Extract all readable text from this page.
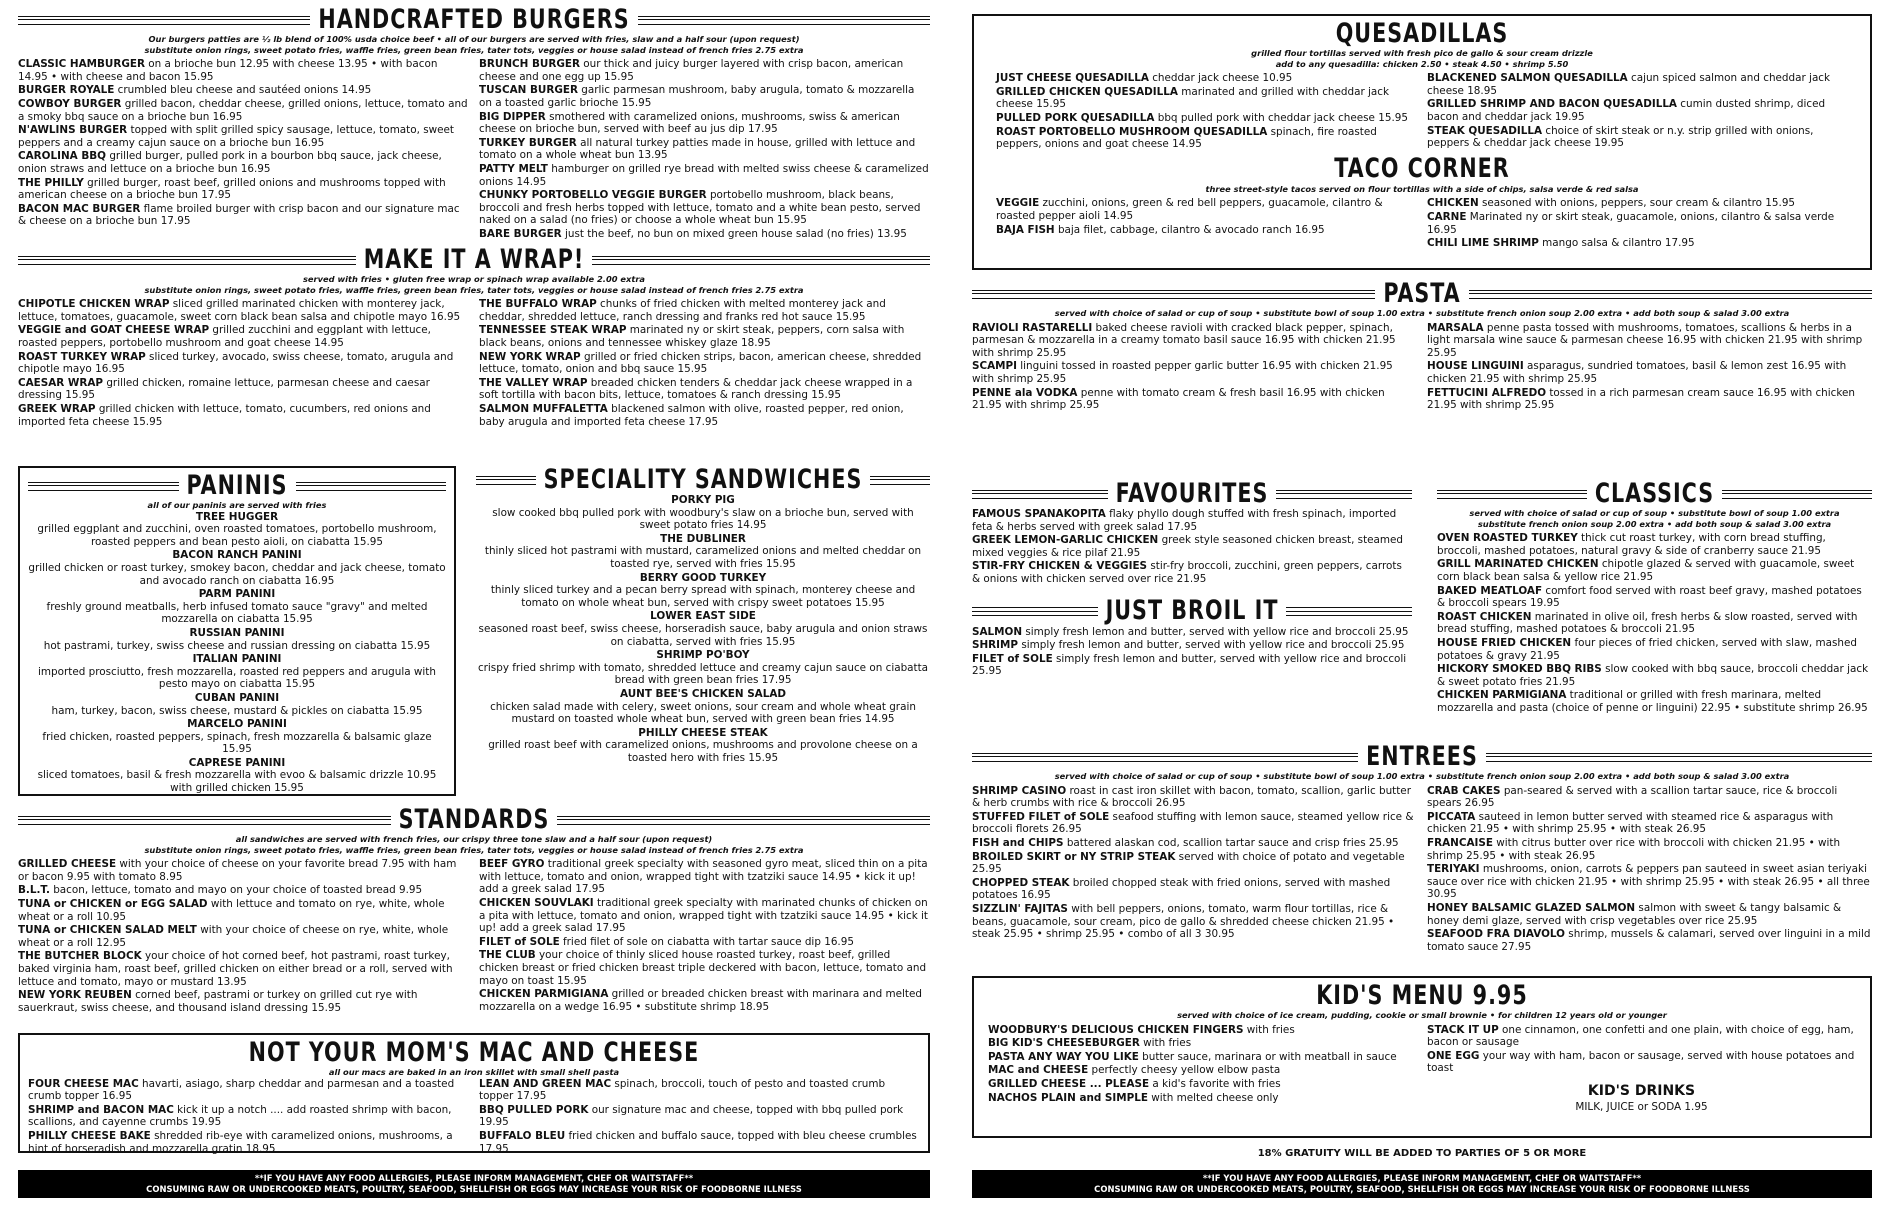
HANDCRAFTED BURGERS
Our burgers patties are ½ lb blend of 100% usda choice beef • all of our burgers are served with fries, slaw and a half sour (upon request)
substitute onion rings, sweet potato fries, waffle fries, green bean fries, tater tots, veggies or house salad instead of french fries 2.75 extra
CLASSIC HAMBURGER on a brioche bun 12.95 with cheese 13.95 • with bacon 14.95 • with cheese and bacon 15.95
BURGER ROYALE crumbled bleu cheese and sautéed onions 14.95
COWBOY BURGER grilled bacon, cheddar cheese, grilled onions, lettuce, tomato and a smoky bbq sauce on a brioche bun 16.95
N'AWLINS BURGER topped with split grilled spicy sausage, lettuce, tomato, sweet peppers and a creamy cajun sauce on a brioche bun 16.95
CAROLINA BBQ grilled burger, pulled pork in a bourbon bbq sauce, jack cheese, onion straws and lettuce on a brioche bun 16.95
THE PHILLY grilled burger, roast beef, grilled onions and mushrooms topped with american cheese on a brioche bun 17.95
BACON MAC BURGER flame broiled burger with crisp bacon and our signature mac & cheese on a brioche bun 17.95
BRUNCH BURGER our thick and juicy burger layered with crisp bacon, american cheese and one egg up 15.95
TUSCAN BURGER garlic parmesan mushroom, baby arugula, tomato & mozzarella on a toasted garlic brioche 15.95
BIG DIPPER smothered with caramelized onions, mushrooms, swiss & american cheese on brioche bun, served with beef au jus dip 17.95
TURKEY BURGER all natural turkey patties made in house, grilled with lettuce and tomato on a whole wheat bun 13.95
PATTY MELT hamburger on grilled rye bread with melted swiss cheese & caramelized onions 14.95
CHUNKY PORTOBELLO VEGGIE BURGER portobello mushroom, black beans, broccoli and fresh herbs topped with lettuce, tomato and a white bean pesto, served naked on a salad (no fries) or choose a whole wheat bun 15.95
BARE BURGER just the beef, no bun on mixed green house salad (no fries) 13.95
MAKE IT A WRAP!
served with fries • gluten free wrap or spinach wrap available 2.00 extra
substitute onion rings, sweet potato fries, waffle fries, green bean fries, tater tots, veggies or house salad instead of french fries 2.75 extra
CHIPOTLE CHICKEN WRAP sliced grilled marinated chicken with monterey jack, lettuce, tomatoes, guacamole, sweet corn black bean salsa and chipotle mayo 16.95
VEGGIE and GOAT CHEESE WRAP grilled zucchini and eggplant with lettuce, roasted peppers, portobello mushroom and goat cheese 14.95
ROAST TURKEY WRAP sliced turkey, avocado, swiss cheese, tomato, arugula and chipotle mayo 16.95
CAESAR WRAP grilled chicken, romaine lettuce, parmesan cheese and caesar dressing 15.95
GREEK WRAP grilled chicken with lettuce, tomato, cucumbers, red onions and imported feta cheese 15.95
THE BUFFALO WRAP chunks of fried chicken with melted monterey jack and cheddar, shredded lettuce, ranch dressing and franks red hot sauce 15.95
TENNESSEE STEAK WRAP marinated ny or skirt steak, peppers, corn salsa with black beans, onions and tennessee whiskey glaze 18.95
NEW YORK WRAP grilled or fried chicken strips, bacon, american cheese, shredded lettuce, tomato, onion and bbq sauce 15.95
THE VALLEY WRAP breaded chicken tenders & cheddar jack cheese wrapped in a soft tortilla with bacon bits, lettuce, tomatoes & ranch dressing 15.95
SALMON MUFFALETTA blackened salmon with olive, roasted pepper, red onion, baby arugula and imported feta cheese 17.95
PANINIS
all of our paninis are served with fries
TREE HUGGER
grilled eggplant and zucchini, oven roasted tomatoes, portobello mushroom, roasted peppers and bean pesto aioli, on ciabatta 15.95
BACON RANCH PANINI
grilled chicken or roast turkey, smokey bacon, cheddar and jack cheese, tomato and avocado ranch on ciabatta 16.95
PARM PANINI
freshly ground meatballs, herb infused tomato sauce "gravy" and melted mozzarella on ciabatta 15.95
RUSSIAN PANINI
hot pastrami, turkey, swiss cheese and russian dressing on ciabatta 15.95
ITALIAN PANINI
imported prosciutto, fresh mozzarella, roasted red peppers and arugula with pesto mayo on ciabatta 15.95
CUBAN PANINI
ham, turkey, bacon, swiss cheese, mustard & pickles on ciabatta 15.95
MARCELO PANINI
fried chicken, roasted peppers, spinach, fresh mozzarella & balsamic glaze 15.95
CAPRESE PANINI
sliced tomatoes, basil & fresh mozzarella with evoo & balsamic drizzle 10.95 with grilled chicken 15.95
SPECIALITY SANDWICHES
PORKY PIG
slow cooked bbq pulled pork with woodbury's slaw on a brioche bun, served with sweet potato fries 14.95
THE DUBLINER
thinly sliced hot pastrami with mustard, caramelized onions and melted cheddar on toasted rye, served with fries 15.95
BERRY GOOD TURKEY
thinly sliced turkey and a pecan berry spread with spinach, monterey cheese and tomato on whole wheat bun, served with crispy sweet potatoes 15.95
LOWER EAST SIDE
seasoned roast beef, swiss cheese, horseradish sauce, baby arugula and onion straws on ciabatta, served with fries 15.95
SHRIMP PO'BOY
crispy fried shrimp with tomato, shredded lettuce and creamy cajun sauce on ciabatta bread with green bean fries 17.95
AUNT BEE'S CHICKEN SALAD
chicken salad made with celery, sweet onions, sour cream and whole wheat grain mustard on toasted whole wheat bun, served with green bean fries 14.95
PHILLY CHEESE STEAK
grilled roast beef with caramelized onions, mushrooms and provolone cheese on a toasted hero with fries 15.95
STANDARDS
all sandwiches are served with french fries, our crispy three tone slaw and a half sour (upon request)
substitute onion rings, sweet potato fries, waffle fries, green bean fries, tater tots, veggies or house salad instead of french fries 2.75 extra
GRILLED CHEESE with your choice of cheese on your favorite bread 7.95 with ham or bacon 9.95 with tomato 8.95
B.L.T. bacon, lettuce, tomato and mayo on your choice of toasted bread 9.95
TUNA or CHICKEN or EGG SALAD with lettuce and tomato on rye, white, whole wheat or a roll 10.95
TUNA or CHICKEN SALAD MELT with your choice of cheese on rye, white, whole wheat or a roll 12.95
THE BUTCHER BLOCK your choice of hot corned beef, hot pastrami, roast turkey, baked virginia ham, roast beef, grilled chicken on either bread or a roll, served with lettuce and tomato, mayo or mustard 13.95
NEW YORK REUBEN corned beef, pastrami or turkey on grilled cut rye with sauerkraut, swiss cheese, and thousand island dressing 15.95
BEEF GYRO traditional greek specialty with seasoned gyro meat, sliced thin on a pita with lettuce, tomato and onion, wrapped tight with tzatziki sauce 14.95 • kick it up! add a greek salad 17.95
CHICKEN SOUVLAKI traditional greek specialty with marinated chunks of chicken on a pita with lettuce, tomato and onion, wrapped tight with tzatziki sauce 14.95 • kick it up! add a greek salad 17.95
FILET of SOLE fried filet of sole on ciabatta with tartar sauce dip 16.95
THE CLUB your choice of thinly sliced house roasted turkey, roast beef, grilled chicken breast or fried chicken breast triple deckered with bacon, lettuce, tomato and mayo on toast 15.95
CHICKEN PARMIGIANA grilled or breaded chicken breast with marinara and melted mozzarella on a wedge 16.95 • substitute shrimp 18.95
NOT YOUR MOM'S MAC AND CHEESE
all our macs are baked in an iron skillet with small shell pasta
FOUR CHEESE MAC havarti, asiago, sharp cheddar and parmesan and a toasted crumb topper 16.95
SHRIMP and BACON MAC kick it up a notch .... add roasted shrimp with bacon, scallions, and cayenne crumbs 19.95
PHILLY CHEESE BAKE shredded rib-eye with caramelized onions, mushrooms, a hint of horseradish and mozzarella gratin 18.95
LEAN AND GREEN MAC spinach, broccoli, touch of pesto and toasted crumb topper 17.95
BBQ PULLED PORK our signature mac and cheese, topped with bbq pulled pork 19.95
BUFFALO BLEU fried chicken and buffalo sauce, topped with bleu cheese crumbles 17.95
**IF YOU HAVE ANY FOOD ALLERGIES, PLEASE INFORM MANAGEMENT, CHEF OR WAITSTAFF**
CONSUMING RAW OR UNDERCOOKED MEATS, POULTRY, SEAFOOD, SHELLFISH OR EGGS MAY INCREASE YOUR RISK OF FOODBORNE ILLNESS
QUESADILLAS
grilled flour tortillas served with fresh pico de gallo & sour cream drizzle
add to any quesadilla: chicken 2.50 • steak 4.50 • shrimp 5.50
JUST CHEESE QUESADILLA cheddar jack cheese 10.95
GRILLED CHICKEN QUESADILLA marinated and grilled with cheddar jack cheese 15.95
PULLED PORK QUESADILLA bbq pulled pork with cheddar jack cheese 15.95
ROAST PORTOBELLO MUSHROOM QUESADILLA spinach, fire roasted peppers, onions and goat cheese 14.95
BLACKENED SALMON QUESADILLA cajun spiced salmon and cheddar jack cheese 18.95
GRILLED SHRIMP AND BACON QUESADILLA cumin dusted shrimp, diced bacon and cheddar jack 19.95
STEAK QUESADILLA choice of skirt steak or n.y. strip grilled with onions, peppers & cheddar jack cheese 19.95
TACO CORNER
three street-style tacos served on flour tortillas with a side of chips, salsa verde & red salsa
VEGGIE zucchini, onions, green & red bell peppers, guacamole, cilantro & roasted pepper aioli 14.95
BAJA FISH baja filet, cabbage, cilantro & avocado ranch 16.95
CHICKEN seasoned with onions, peppers, sour cream & cilantro 15.95
CARNE Marinated ny or skirt steak, guacamole, onions, cilantro & salsa verde 16.95
CHILI LIME SHRIMP mango salsa & cilantro 17.95
PASTA
served with choice of salad or cup of soup • substitute bowl of soup 1.00 extra • substitute french onion soup 2.00 extra • add both soup & salad 3.00 extra
RAVIOLI RASTARELLI baked cheese ravioli with cracked black pepper, spinach, parmesan & mozzarella in a creamy tomato basil sauce 16.95 with chicken 21.95 with shrimp 25.95
SCAMPI linguini tossed in roasted pepper garlic butter 16.95 with chicken 21.95 with shrimp 25.95
PENNE ala VODKA penne with tomato cream & fresh basil 16.95 with chicken 21.95 with shrimp 25.95
MARSALA penne pasta tossed with mushrooms, tomatoes, scallions & herbs in a light marsala wine sauce & parmesan cheese 16.95 with chicken 21.95 with shrimp 25.95
HOUSE LINGUINI asparagus, sundried tomatoes, basil & lemon zest 16.95 with chicken 21.95 with shrimp 25.95
FETTUCINI ALFREDO tossed in a rich parmesan cream sauce 16.95 with chicken 21.95 with shrimp 25.95
FAVOURITES
FAMOUS SPANAKOPITA flaky phyllo dough stuffed with fresh spinach, imported feta & herbs served with greek salad 17.95
GREEK LEMON-GARLIC CHICKEN greek style seasoned chicken breast, steamed mixed veggies & rice pilaf 21.95
STIR-FRY CHICKEN & VEGGIES stir-fry broccoli, zucchini, green peppers, carrots & onions with chicken served over rice 21.95
JUST BROIL IT
SALMON simply fresh lemon and butter, served with yellow rice and broccoli 25.95
SHRIMP simply fresh lemon and butter, served with yellow rice and broccoli 25.95
FILET of SOLE simply fresh lemon and butter, served with yellow rice and broccoli 25.95
CLASSICS
served with choice of salad or cup of soup • substitute bowl of soup 1.00 extra
substitute french onion soup 2.00 extra • add both soup & salad 3.00 extra
OVEN ROASTED TURKEY thick cut roast turkey, with corn bread stuffing, broccoli, mashed potatoes, natural gravy & side of cranberry sauce 21.95
GRILL MARINATED CHICKEN chipotle glazed & served with guacamole, sweet corn black bean salsa & yellow rice 21.95
BAKED MEATLOAF comfort food served with roast beef gravy, mashed potatoes & broccoli spears 19.95
ROAST CHICKEN marinated in olive oil, fresh herbs & slow roasted, served with bread stuffing, mashed potatoes & broccoli 21.95
HOUSE FRIED CHICKEN four pieces of fried chicken, served with slaw, mashed potatoes & gravy 21.95
HICKORY SMOKED BBQ RIBS slow cooked with bbq sauce, broccoli cheddar jack & sweet potato fries 21.95
CHICKEN PARMIGIANA traditional or grilled with fresh marinara, melted mozzarella and pasta (choice of penne or linguini) 22.95 • substitute shrimp 26.95
ENTREES
served with choice of salad or cup of soup • substitute bowl of soup 1.00 extra • substitute french onion soup 2.00 extra • add both soup & salad 3.00 extra
SHRIMP CASINO roast in cast iron skillet with bacon, tomato, scallion, garlic butter & herb crumbs with rice & broccoli 26.95
STUFFED FILET of SOLE seafood stuffing with lemon sauce, steamed yellow rice & broccoli florets 26.95
FISH and CHIPS battered alaskan cod, scallion tartar sauce and crisp fries 25.95
BROILED SKIRT or NY STRIP STEAK served with choice of potato and vegetable 25.95
CHOPPED STEAK broiled chopped steak with fried onions, served with mashed potatoes 16.95
SIZZLIN' FAJITAS with bell peppers, onions, tomato, warm flour tortillas, rice & beans, guacamole, sour cream, pico de gallo & shredded cheese chicken 21.95 • steak 25.95 • shrimp 25.95 • combo of all 3 30.95
CRAB CAKES pan-seared & served with a scallion tartar sauce, rice & broccoli spears 26.95
PICCATA sauteed in lemon butter served with steamed rice & asparagus with chicken 21.95 • with shrimp 25.95 • with steak 26.95
FRANCAISE with citrus butter over rice with broccoli with chicken 21.95 • with shrimp 25.95 • with steak 26.95
TERIYAKI mushrooms, onion, carrots & peppers pan sauteed in sweet asian teriyaki sauce over rice with chicken 21.95 • with shrimp 25.95 • with steak 26.95 • all three 30.95
HONEY BALSAMIC GLAZED SALMON salmon with sweet & tangy balsamic & honey demi glaze, served with crisp vegetables over rice 25.95
SEAFOOD FRA DIAVOLO shrimp, mussels & calamari, served over linguini in a mild tomato sauce 27.95
KID'S MENU 9.95
served with choice of ice cream, pudding, cookie or small brownie • for children 12 years old or younger
WOODBURY'S DELICIOUS CHICKEN FINGERS with fries
BIG KID'S CHEESEBURGER with fries
PASTA ANY WAY YOU LIKE butter sauce, marinara or with meatball in sauce
MAC and CHEESE perfectly cheesy yellow elbow pasta
GRILLED CHEESE ... PLEASE a kid's favorite with fries
NACHOS PLAIN and SIMPLE with melted cheese only
STACK IT UP one cinnamon, one confetti and one plain, with choice of egg, ham, bacon or sausage
ONE EGG your way with ham, bacon or sausage, served with house potatoes and toast
KID'S DRINKS
MILK, JUICE or SODA 1.95
18% GRATUITY WILL BE ADDED TO PARTIES OF 5 OR MORE
**IF YOU HAVE ANY FOOD ALLERGIES, PLEASE INFORM MANAGEMENT, CHEF OR WAITSTAFF**
CONSUMING RAW OR UNDERCOOKED MEATS, POULTRY, SEAFOOD, SHELLFISH OR EGGS MAY INCREASE YOUR RISK OF FOODBORNE ILLNESS
